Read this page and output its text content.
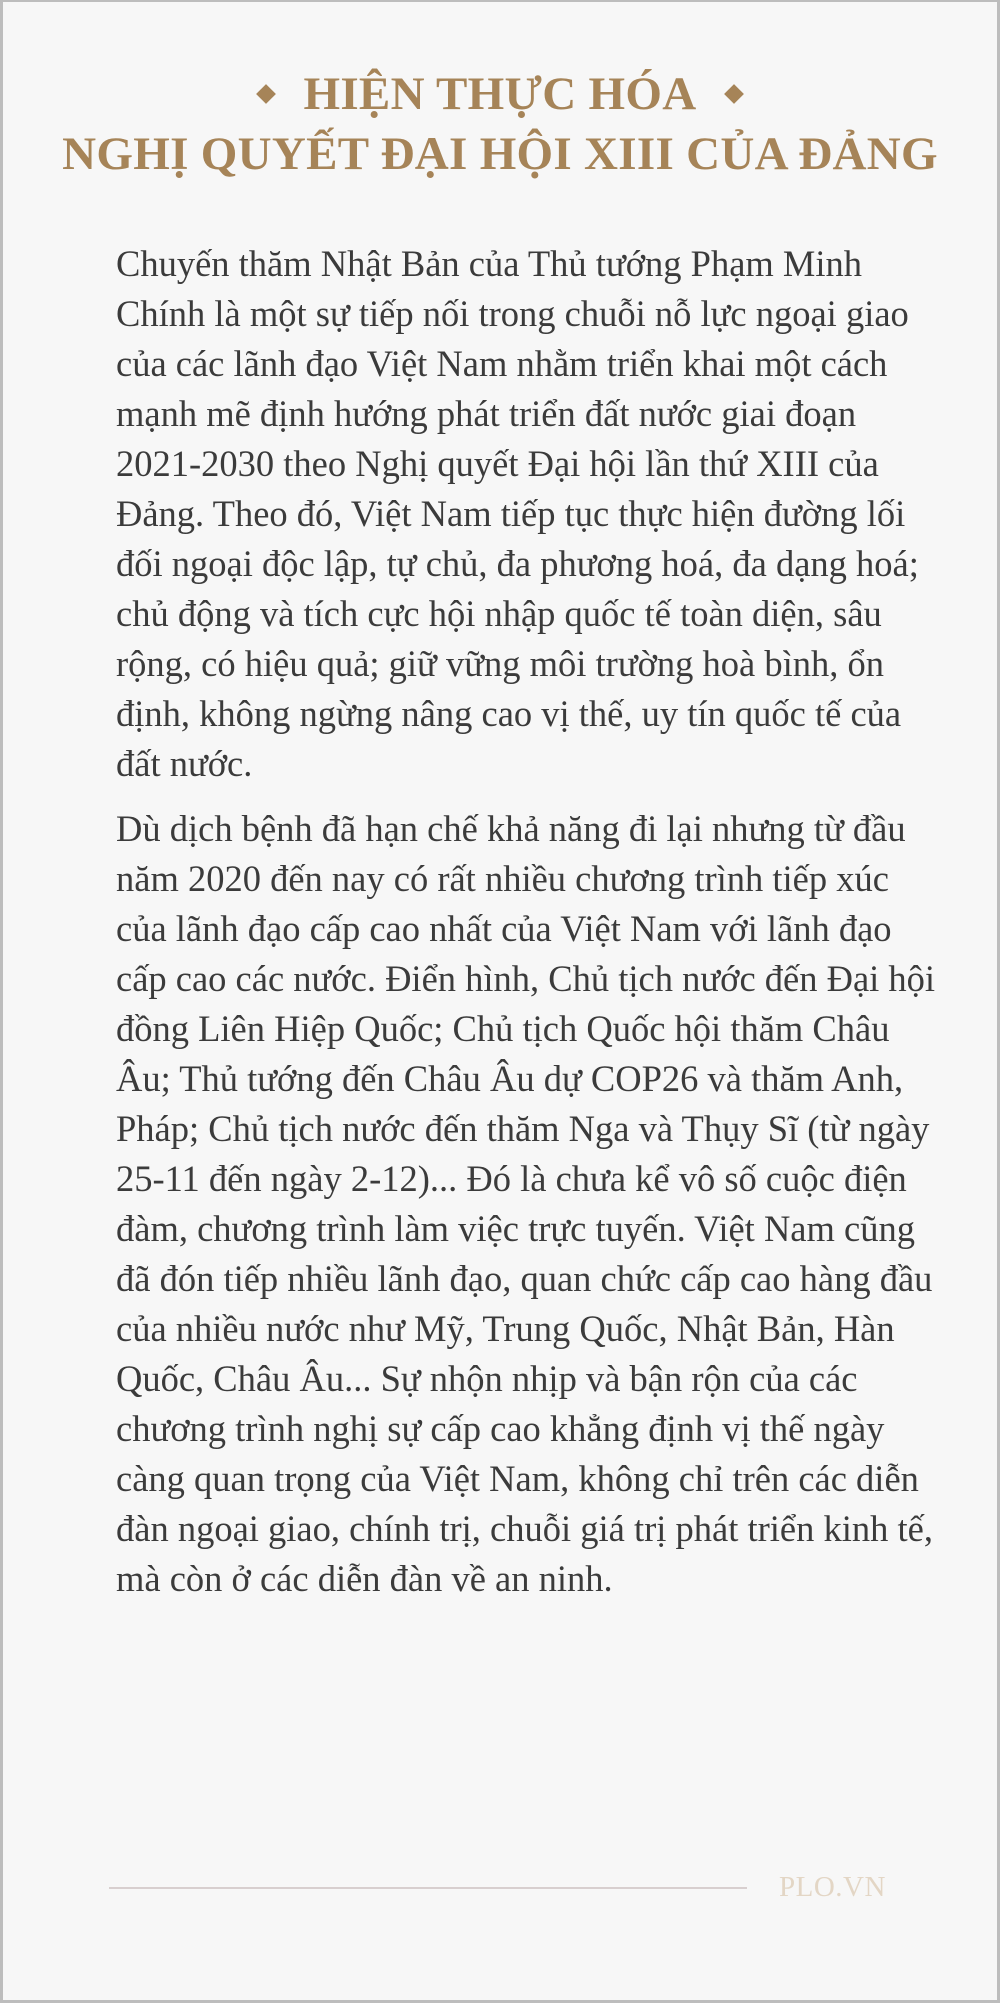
HIỆN THỰC HÓA
NGHỊ QUYẾT ĐẠI HỘI XIII CỦA ĐẢNG

Chuyến thăm Nhật Bản của Thủ tướng Phạm Minh Chính là một sự tiếp nối trong chuỗi nỗ lực ngoại giao của các lãnh đạo Việt Nam nhằm triển khai một cách mạnh mẽ định hướng phát triển đất nước giai đoạn 2021-2030 theo Nghị quyết Đại hội lần thứ XIII của Đảng. Theo đó, Việt Nam tiếp tục thực hiện đường lối đối ngoại độc lập, tự chủ, đa phương hoá, đa dạng hoá; chủ động và tích cực hội nhập quốc tế toàn diện, sâu rộng, có hiệu quả; giữ vững môi trường hoà bình, ổn định, không ngừng nâng cao vị thế, uy tín quốc tế của đất nước.

Dù dịch bệnh đã hạn chế khả năng đi lại nhưng từ đầu năm 2020 đến nay có rất nhiều chương trình tiếp xúc của lãnh đạo cấp cao nhất của Việt Nam với lãnh đạo cấp cao các nước. Điển hình, Chủ tịch nước đến Đại hội đồng Liên Hiệp Quốc; Chủ tịch Quốc hội thăm Châu Âu; Thủ tướng đến Châu Âu dự COP26 và thăm Anh, Pháp; Chủ tịch nước đến thăm Nga và Thụy Sĩ (từ ngày 25-11 đến ngày 2-12)... Đó là chưa kể vô số cuộc điện đàm, chương trình làm việc trực tuyến. Việt Nam cũng đã đón tiếp nhiều lãnh đạo, quan chức cấp cao hàng đầu của nhiều nước như Mỹ, Trung Quốc, Nhật Bản, Hàn Quốc, Châu Âu... Sự nhộn nhịp và bận rộn của các chương trình nghị sự cấp cao khẳng định vị thế ngày càng quan trọng của Việt Nam, không chỉ trên các diễn đàn ngoại giao, chính trị, chuỗi giá trị phát triển kinh tế, mà còn ở các diễn đàn về an ninh.

PLO.VN
